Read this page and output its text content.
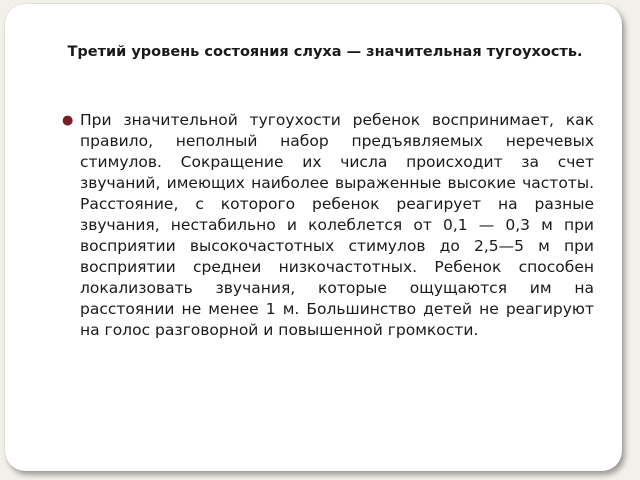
Третий уровень состояния слуха — значительная тугоухость.
● При значительной тугоухости ребенок воспринимает, как правило, неполный набор предъявляемых неречевых стимулов. Сокращение их числа происходит за счет звучаний, имеющих наиболее выраженные высокие частоты. Расстояние, с которого ребенок реагирует на разные звучания, нестабильно и колеблется от 0,1 — 0,3 м при восприятии высокочастотных стимулов до 2,5—5 м при восприятии среднеи низкочастотных. Ребенок способен локализовать звучания, которые ощущаются им на расстоянии не менее 1 м. Большинство детей не реагируют на голос разговорной и повышенной громкости.
